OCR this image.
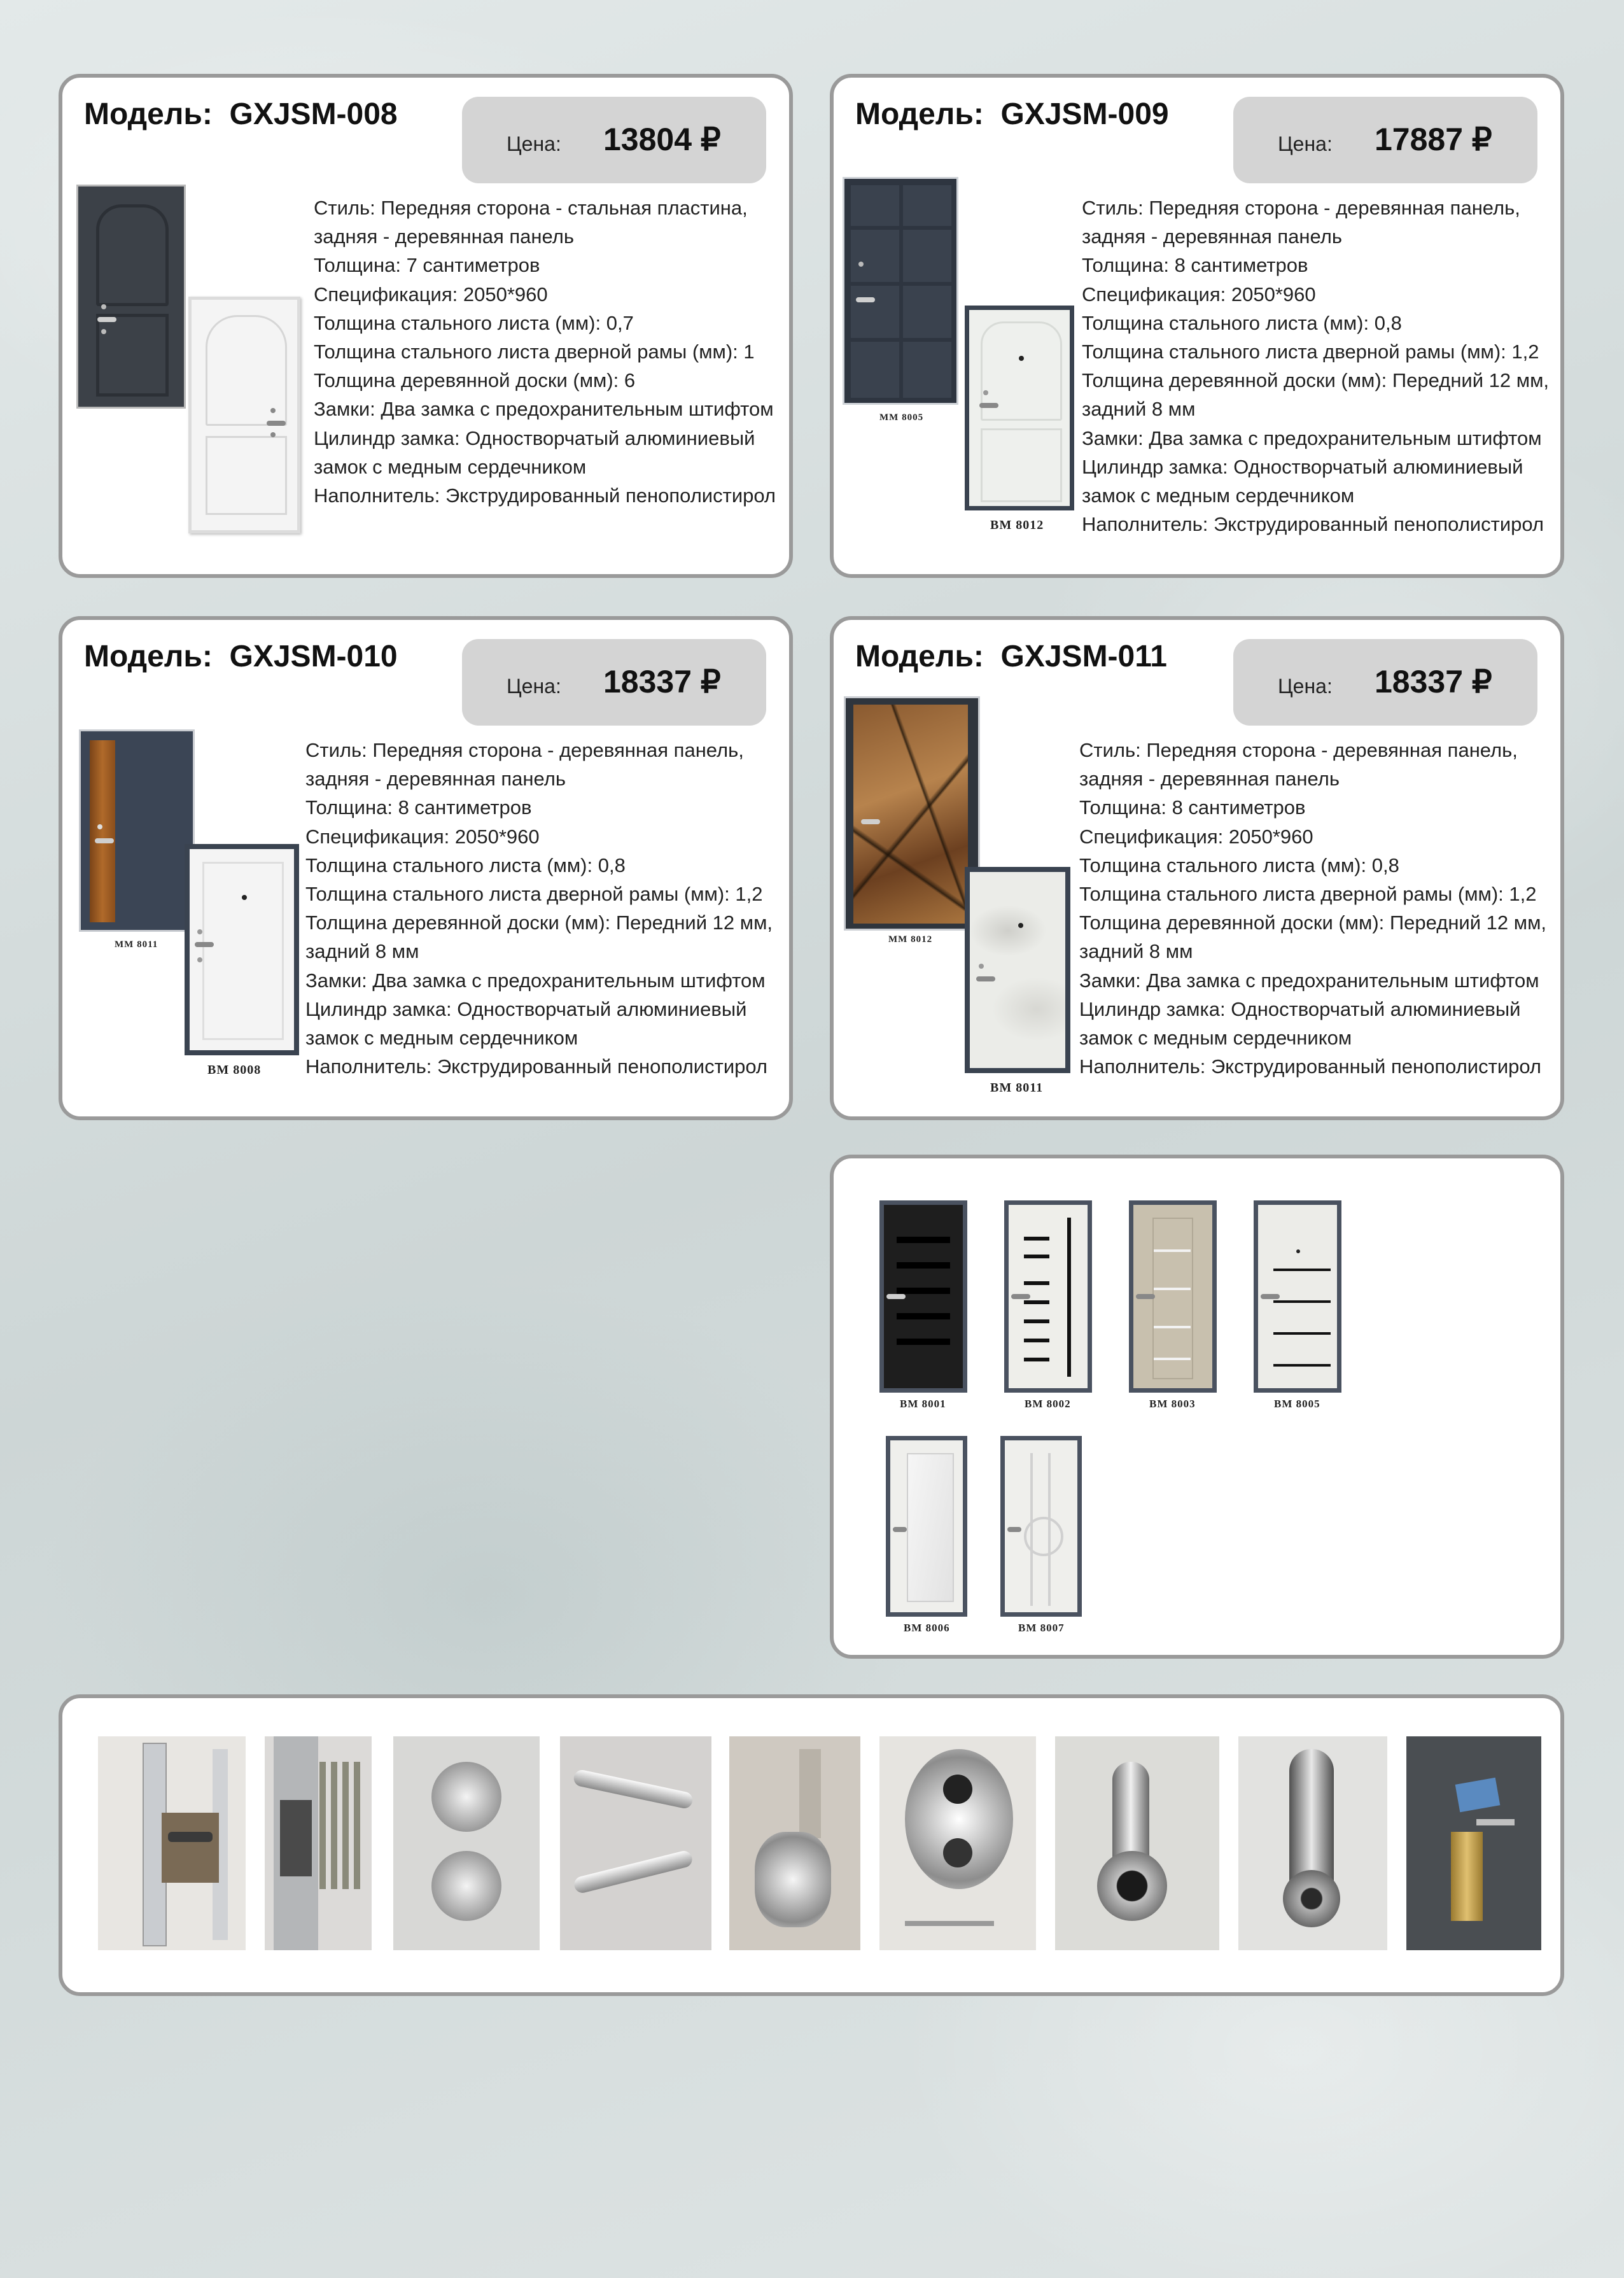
Модель: GXJSM-008
Цена: 13804 ₽
Стиль: Передняя сторона - стальная пластина,
задняя - деревянная панель
Толщина: 7 сантиметров
Спецификация: 2050*960
Толщина стального листа (мм): 0,7
Толщина стального листа дверной рамы (мм): 1
Толщина деревянной доски (мм): 6
Замки: Два замка с предохранительным штифтом
Цилиндр замка: Одностворчатый алюминиевый
замок с медным сердечником
Наполнитель: Экструдированный пенополистирол
Модель: GXJSM-009
Цена: 17887 ₽
MM 8005
BM 8012
Стиль: Передняя сторона - деревянная панель,
задняя - деревянная панель
Толщина: 8 сантиметров
Спецификация: 2050*960
Толщина стального листа (мм): 0,8
Толщина стального листа дверной рамы (мм): 1,2
Толщина деревянной доски (мм): Передний 12 мм,
задний 8 мм
Замки: Два замка с предохранительным штифтом
Цилиндр замка: Одностворчатый алюминиевый
замок с медным сердечником
Наполнитель: Экструдированный пенополистирол
Модель: GXJSM-010
Цена: 18337 ₽
MM 8011
BM 8008
Стиль: Передняя сторона - деревянная панель,
задняя - деревянная панель
Толщина: 8 сантиметров
Спецификация: 2050*960
Толщина стального листа (мм): 0,8
Толщина стального листа дверной рамы (мм): 1,2
Толщина деревянной доски (мм): Передний 12 мм,
задний 8 мм
Замки: Два замка с предохранительным штифтом
Цилиндр замка: Одностворчатый алюминиевый
замок с медным сердечником
Наполнитель: Экструдированный пенополистирол
Модель: GXJSM-011
Цена: 18337 ₽
MM 8012
BM 8011
Стиль: Передняя сторона - деревянная панель,
задняя - деревянная панель
Толщина: 8 сантиметров
Спецификация: 2050*960
Толщина стального листа (мм): 0,8
Толщина стального листа дверной рамы (мм): 1,2
Толщина деревянной доски (мм): Передний 12 мм,
задний 8 мм
Замки: Два замка с предохранительным штифтом
Цилиндр замка: Одностворчатый алюминиевый
замок с медным сердечником
Наполнитель: Экструдированный пенополистирол
BM 8001	BM 8002	BM 8003	BM 8005
BM 8006	BM 8007
